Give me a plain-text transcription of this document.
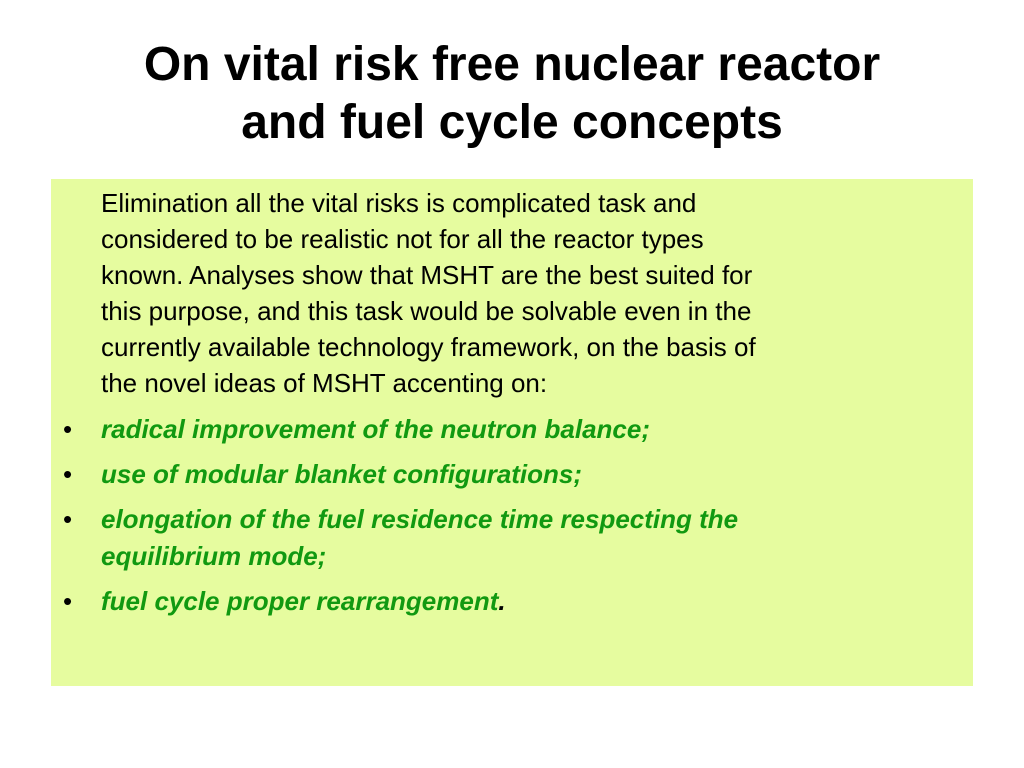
On vital risk free nuclear reactor
and fuel cycle concepts
Elimination all the vital risks is complicated task and
considered to be realistic not for all the reactor types
known. Analyses show that MSHT are the best suited for
this purpose, and this task would be solvable even in the
currently available technology framework, on the basis of
the novel ideas of MSHT accenting on:
• radical improvement of the neutron balance;
• use of modular blanket configurations;
• elongation of the fuel residence time respecting the
equilibrium mode;
• fuel cycle proper rearrangement.
